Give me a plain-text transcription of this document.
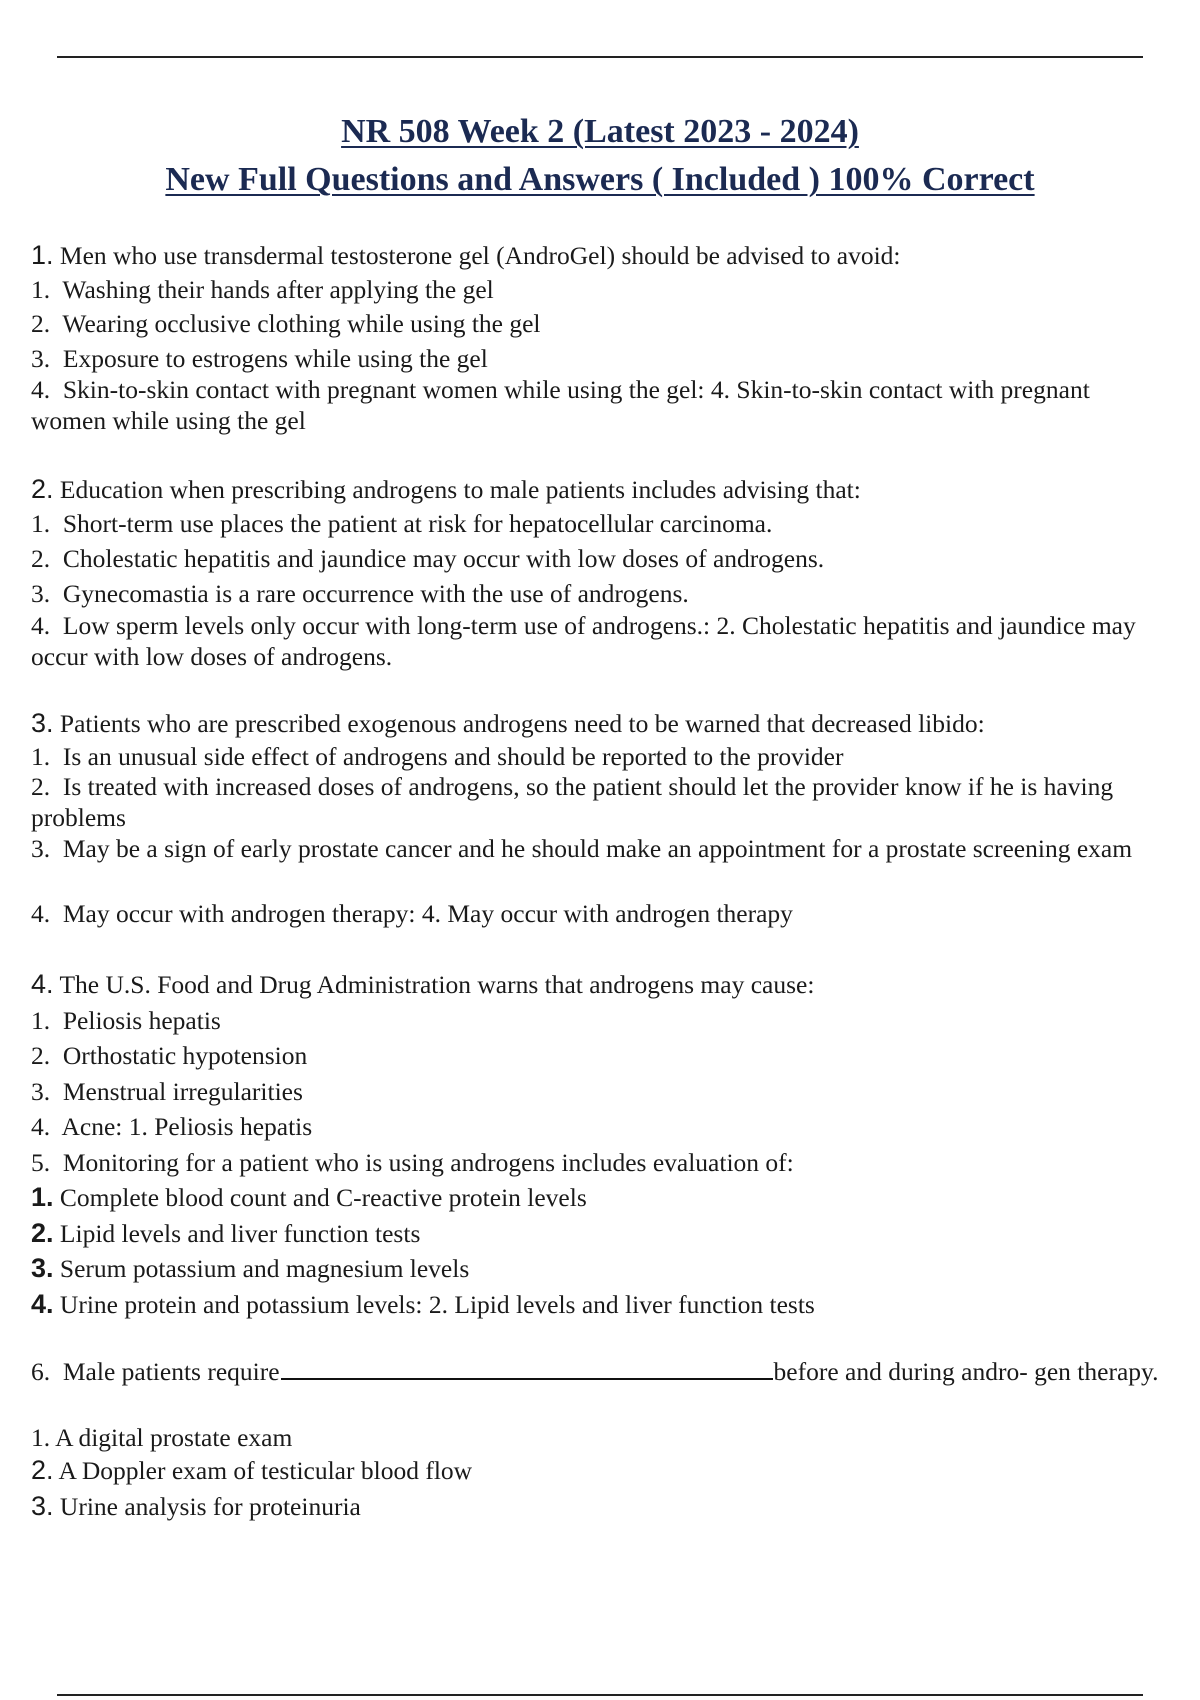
NR 508 Week 2 (Latest 2023 - 2024)
New Full Questions and Answers ( Included ) 100% Correct
1. Men who use transdermal testosterone gel (AndroGel) should be advised to avoid:
1. Washing their hands after applying the gel
2. Wearing occlusive clothing while using the gel
3. Exposure to estrogens while using the gel
4. Skin-to-skin contact with pregnant women while using the gel: 4. Skin-to-skin contact with pregnant women while using the gel
2. Education when prescribing androgens to male patients includes advising that:
1. Short-term use places the patient at risk for hepatocellular carcinoma.
2. Cholestatic hepatitis and jaundice may occur with low doses of androgens.
3. Gynecomastia is a rare occurrence with the use of androgens.
4. Low sperm levels only occur with long-term use of androgens.: 2. Cholestatic hepatitis and jaundice may occur with low doses of androgens.
3. Patients who are prescribed exogenous androgens need to be warned that decreased libido:
1. Is an unusual side effect of androgens and should be reported to the provider
2. Is treated with increased doses of androgens, so the patient should let the provider know if he is having problems
3. May be a sign of early prostate cancer and he should make an appointment for a prostate screening exam
4. May occur with androgen therapy: 4. May occur with androgen therapy
4. The U.S. Food and Drug Administration warns that androgens may cause:
1. Peliosis hepatis
2. Orthostatic hypotension
3. Menstrual irregularities
4. Acne: 1. Peliosis hepatis
5. Monitoring for a patient who is using androgens includes evaluation of:
1. Complete blood count and C-reactive protein levels
2. Lipid levels and liver function tests
3. Serum potassium and magnesium levels
4. Urine protein and potassium levels: 2. Lipid levels and liver function tests
6. Male patients require	before and during andro- gen therapy.
1. A digital prostate exam
2. A Doppler exam of testicular blood flow
3. Urine analysis for proteinuria
